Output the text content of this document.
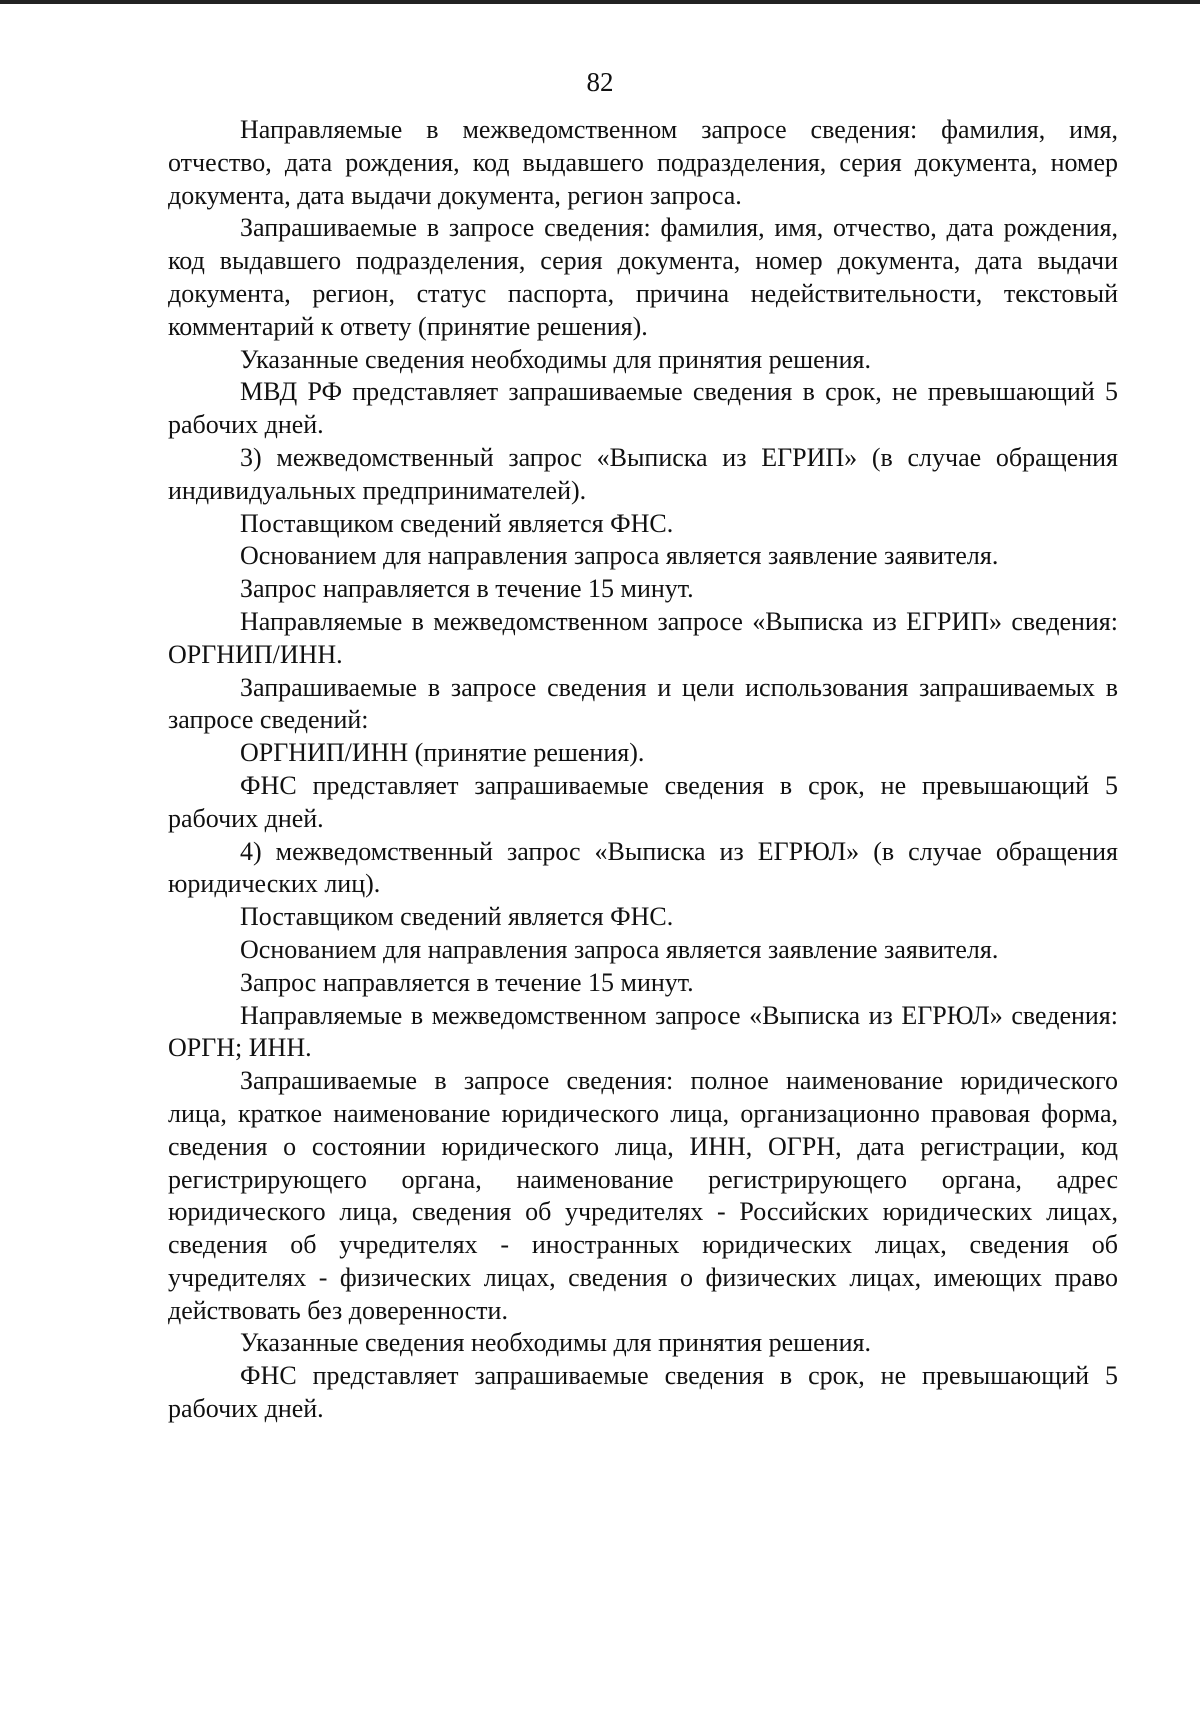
82

Направляемые в межведомственном запросе сведения: фамилия, имя, отчество, дата рождения, код выдавшего подразделения, серия документа, номер документа, дата выдачи документа, регион запроса.

Запрашиваемые в запросе сведения: фамилия, имя, отчество, дата рождения, код выдавшего подразделения, серия документа, номер документа, дата выдачи документа, регион, статус паспорта, причина недействительности, текстовый комментарий к ответу (принятие решения).

Указанные сведения необходимы для принятия решения.

МВД РФ представляет запрашиваемые сведения в срок, не превышающий 5 рабочих дней.

3) межведомственный запрос «Выписка из ЕГРИП» (в случае обращения индивидуальных предпринимателей).

Поставщиком сведений является ФНС.

Основанием для направления запроса является заявление заявителя.

Запрос направляется в течение 15 минут.

Направляемые в межведомственном запросе «Выписка из ЕГРИП» сведения: ОРГНИП/ИНН.

Запрашиваемые в запросе сведения и цели использования запрашиваемых в запросе сведений:

ОРГНИП/ИНН (принятие решения).

ФНС представляет запрашиваемые сведения в срок, не превышающий 5 рабочих дней.

4) межведомственный запрос «Выписка из ЕГРЮЛ» (в случае обращения юридических лиц).

Поставщиком сведений является ФНС.

Основанием для направления запроса является заявление заявителя.

Запрос направляется в течение 15 минут.

Направляемые в межведомственном запросе «Выписка из ЕГРЮЛ» сведения: ОРГН; ИНН.

Запрашиваемые в запросе сведения: полное наименование юридического лица, краткое наименование юридического лица, организационно правовая форма, сведения о состоянии юридического лица, ИНН, ОГРН, дата регистрации, код регистрирующего органа, наименование регистрирующего органа, адрес юридического лица, сведения об учредителях - Российских юридических лицах, сведения об учредителях - иностранных юридических лицах, сведения об учредителях - физических лицах, сведения о физических лицах, имеющих право действовать без доверенности.

Указанные сведения необходимы для принятия решения.

ФНС представляет запрашиваемые сведения в срок, не превышающий 5 рабочих дней.
